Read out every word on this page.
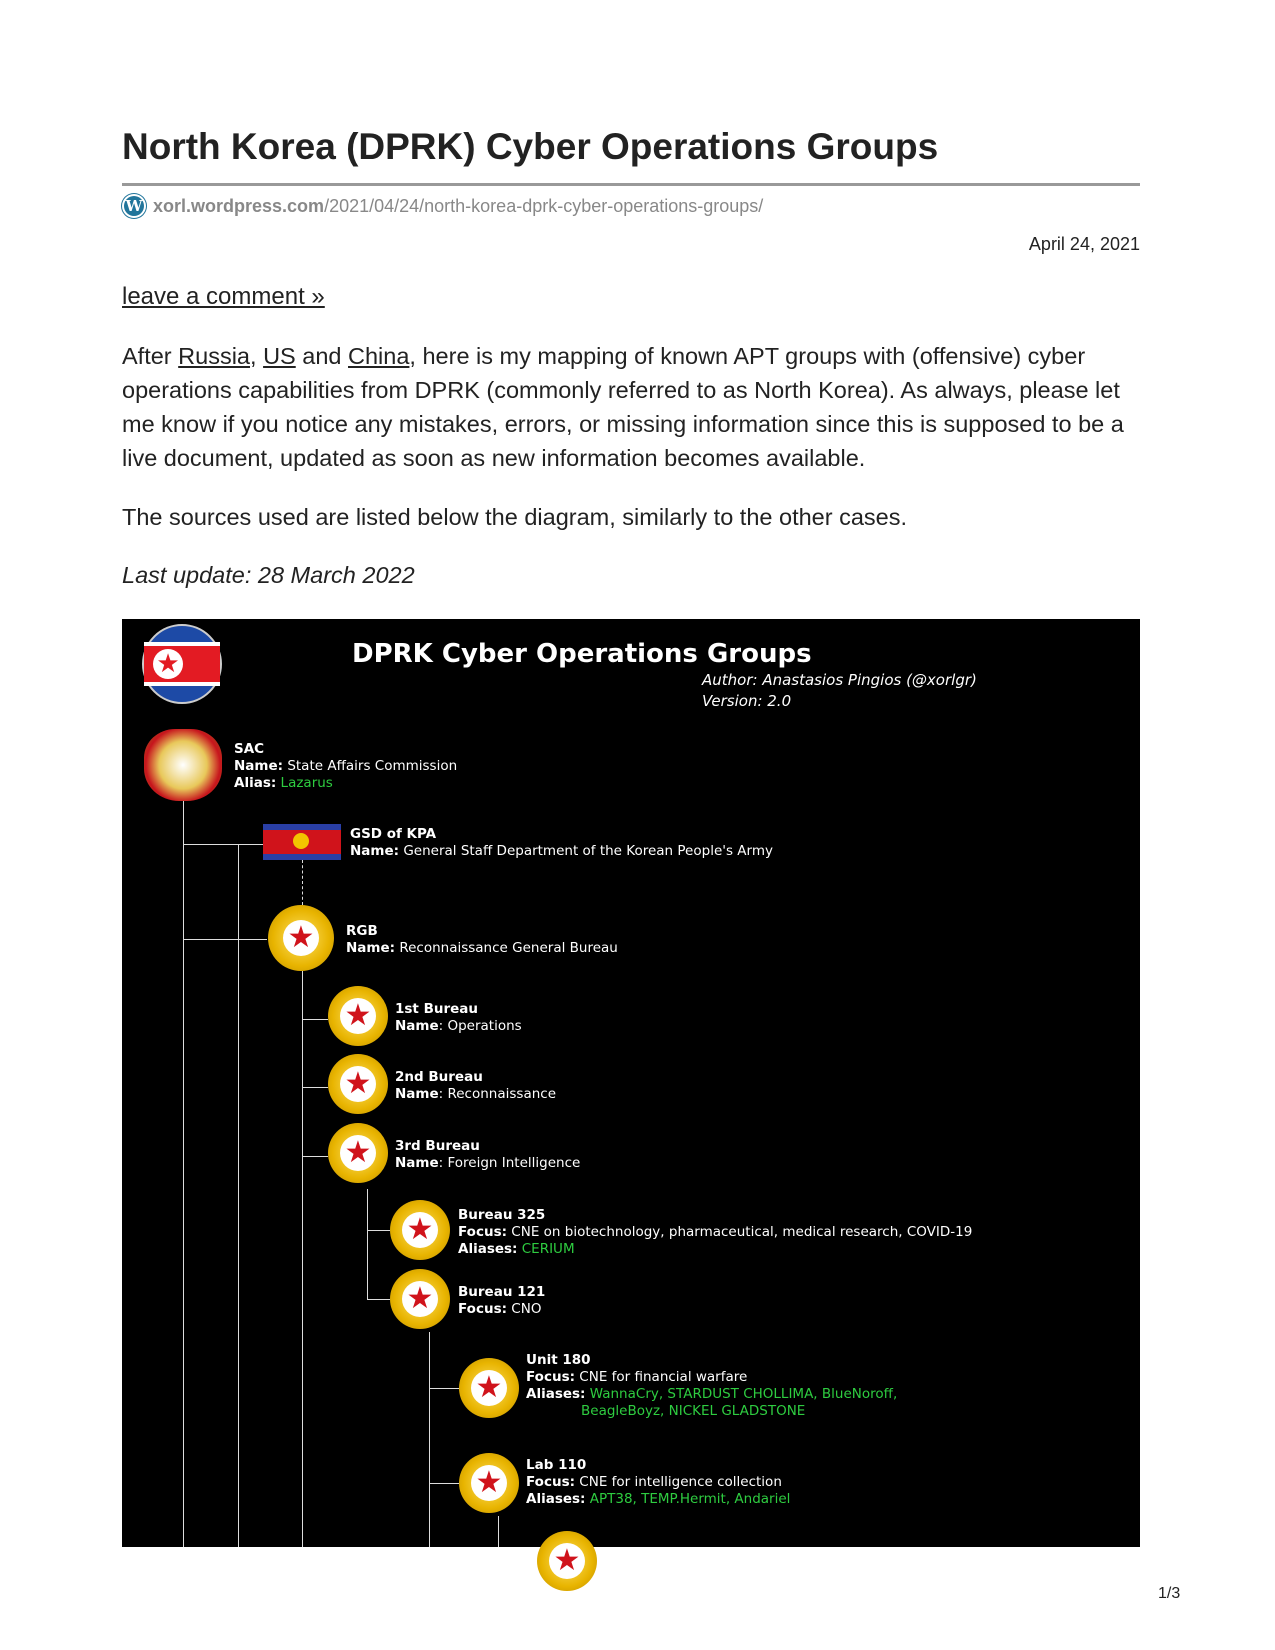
North Korea (DPRK) Cyber Operations Groups
W xorl.wordpress.com /2021/04/24/north-korea-dprk-cyber-operations-groups/
April 24, 2021
leave a comment »

After Russia, US and China, here is my mapping of known APT groups with (offensive) cyber operations capabilities from DPRK (commonly referred to as North Korea). As always, please let me know if you notice any mistakes, errors, or missing information since this is supposed to be a live document, updated as soon as new information becomes available.

The sources used are listed below the diagram, similarly to the other cases.

Last update: 28 March 2022

★	DPRK Cyber Operations Groups
Author: Anastasios Pingios (@xorlgr)
Version: 2.0
SAC
Name: State Affairs Commission
Alias: Lazarus
GSD of KPA
Name: General Staff Department of the Korean People's Army
★	RGB
Name: Reconnaissance General Bureau
★	1st Bureau
Name: Operations
★	2nd Bureau
Name: Reconnaissance
★	3rd Bureau
Name: Foreign Intelligence
★	Bureau 325
Focus: CNE on biotechnology, pharmaceutical, medical research, COVID-19
Aliases: CERIUM
★	Bureau 121
Focus: CNO
★
Unit 180
Focus: CNE for financial warfare
Aliases: WannaCry, STARDUST CHOLLIMA, BlueNoroff,
BeagleBoyz, NICKEL GLADSTONE
★	Lab 110
Focus: CNE for intelligence collection
Aliases: APT38, TEMP.Hermit, Andariel
★
1/3
